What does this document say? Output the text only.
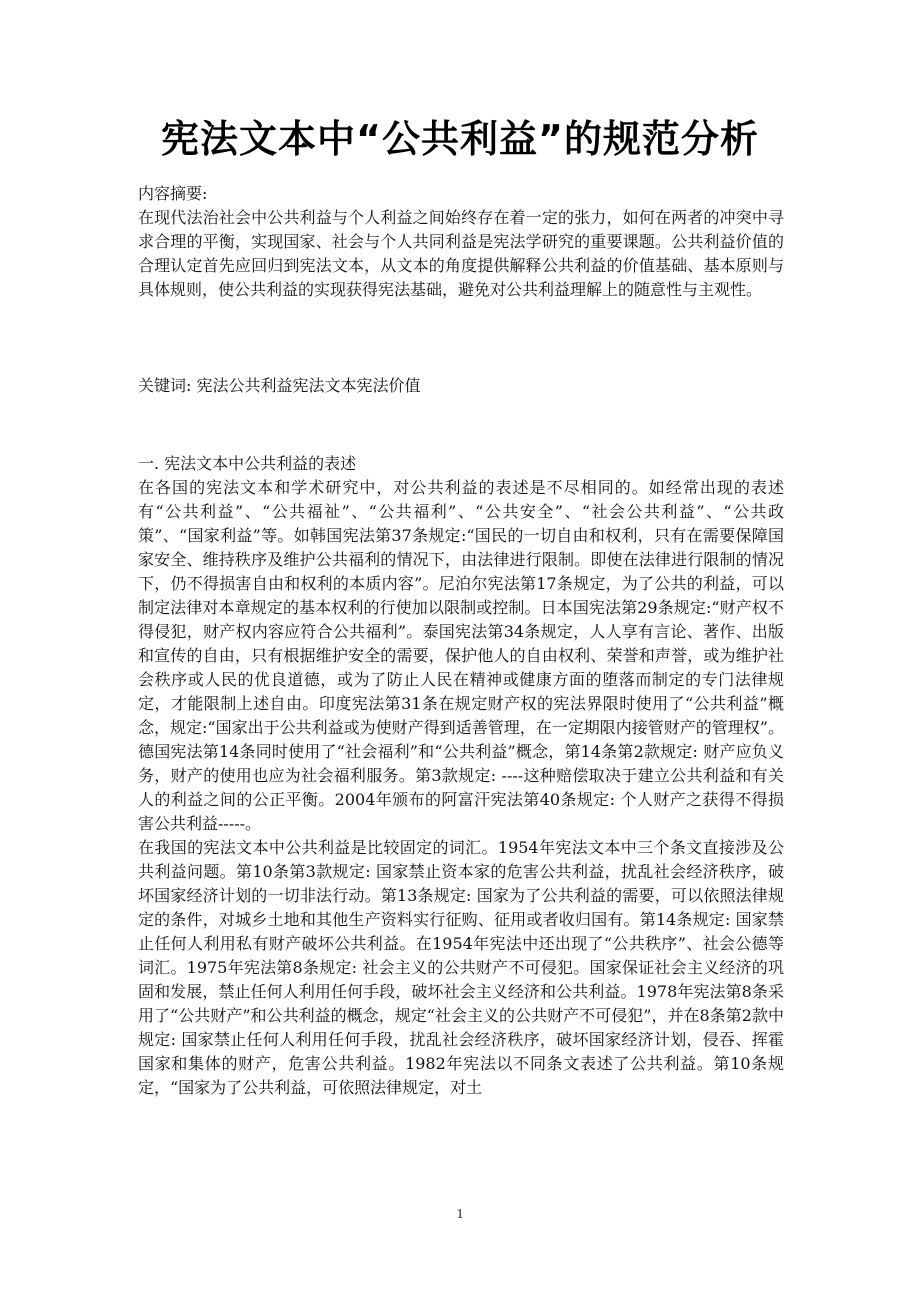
宪法文本中“公共利益”的规范分析
内容摘要:

在现代法治社会中公共利益与个人利益之间始终存在着一定的张力，如何在两者的冲突中寻求合理的平衡，实现国家、社会与个人共同利益是宪法学研究的重要课题。公共利益价值的合理认定首先应回归到宪法文本，从文本的角度提供解释公共利益的价值基础、基本原则与具体规则，使公共利益的实现获得宪法基础，避免对公共利益理解上的随意性与主观性。

关键词: 宪法公共利益宪法文本宪法价值

一. 宪法文本中公共利益的表述

在各国的宪法文本和学术研究中，对公共利益的表述是不尽相同的。如经常出现的表述有“公共利益”、“公共福祉”、“公共福利”、“公共安全”、“社会公共利益”、“公共政策”、“国家利益”等。如韩国宪法第37条规定:“国民的一切自由和权利，只有在需要保障国家安全、维持秩序及维护公共福利的情况下，由法律进行限制。即使在法律进行限制的情况下，仍不得损害自由和权利的本质内容”。尼泊尔宪法第17条规定，为了公共的利益，可以制定法律对本章规定的基本权利的行使加以限制或控制。日本国宪法第29条规定:“财产权不得侵犯，财产权内容应符合公共福利”。泰国宪法第34条规定，人人享有言论、著作、出版和宣传的自由，只有根据维护安全的需要，保护他人的自由权利、荣誉和声誉，或为维护社会秩序或人民的优良道德，或为了防止人民在精神或健康方面的堕落而制定的专门法律规定，才能限制上述自由。印度宪法第31条在规定财产权的宪法界限时使用了“公共利益”概念，规定:“国家出于公共利益或为使财产得到适善管理，在一定期限内接管财产的管理权”。德国宪法第14条同时使用了“社会福利”和“公共利益”概念，第14条第2款规定: 财产应负义务，财产的使用也应为社会福利服务。第3款规定: ----这种赔偿取决于建立公共利益和有关人的利益之间的公正平衡。2004年颁布的阿富汗宪法第40条规定: 个人财产之获得不得损害公共利益-----。

在我国的宪法文本中公共利益是比较固定的词汇。1954年宪法文本中三个条文直接涉及公共利益问题。第10条第3款规定: 国家禁止资本家的危害公共利益，扰乱社会经济秩序，破坏国家经济计划的一切非法行动。第13条规定: 国家为了公共利益的需要，可以依照法律规定的条件，对城乡土地和其他生产资料实行征购、征用或者收归国有。第14条规定: 国家禁止任何人利用私有财产破坏公共利益。在1954年宪法中还出现了“公共秩序”、社会公德等词汇。1975年宪法第8条规定: 社会主义的公共财产不可侵犯。国家保证社会主义经济的巩固和发展，禁止任何人利用任何手段，破坏社会主义经济和公共利益。1978年宪法第8条采用了“公共财产”和公共利益的概念，规定“社会主义的公共财产不可侵犯”，并在8条第2款中规定: 国家禁止任何人利用任何手段，扰乱社会经济秩序，破坏国家经济计划，侵吞、挥霍国家和集体的财产，危害公共利益。1982年宪法以不同条文表述了公共利益。第10条规定，“国家为了公共利益，可依照法律规定，对土

1
